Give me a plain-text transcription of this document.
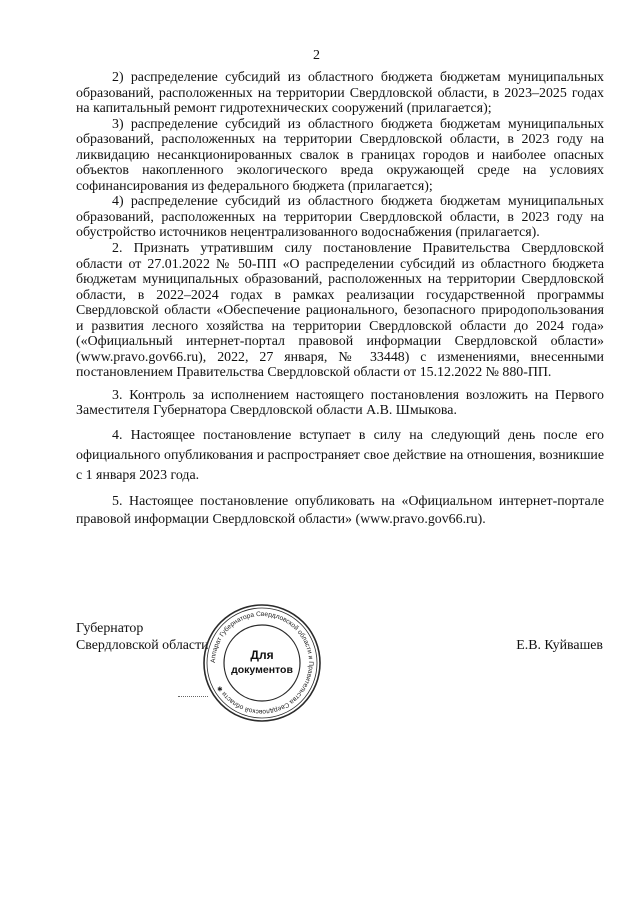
2

2) распределение субсидий из областного бюджета бюджетам муниципальных образований, расположенных на территории Свердловской области, в 2023–2025 годах на капитальный ремонт гидротехнических сооружений (прилагается);

3) распределение субсидий из областного бюджета бюджетам муниципальных образований, расположенных на территории Свердловской области, в 2023 году на ликвидацию несанкционированных свалок в границах городов и наиболее опасных объектов накопленного экологического вреда окружающей среде на условиях софинансирования из федерального бюджета (прилагается);

4) распределение субсидий из областного бюджета бюджетам муниципальных образований, расположенных на территории Свердловской области, в 2023 году на обустройство источников нецентрализованного водоснабжения (прилагается).

2. Признать утратившим силу постановление Правительства Свердловской области от 27.01.2022 № 50-ПП «О распределении субсидий из областного бюджета бюджетам муниципальных образований, расположенных на территории Свердловской области, в 2022–2024 годах в рамках реализации государственной программы Свердловской области «Обеспечение рационального, безопасного природопользования и развития лесного хозяйства на территории Свердловской области до 2024 года» («Официальный интернет-портал правовой информации Свердловской области» (www.pravo.gov66.ru), 2022, 27 января, № 33448) с изменениями, внесенными постановлением Правительства Свердловской области от 15.12.2022 № 880-ПП.

3. Контроль за исполнением настоящего постановления возложить на Первого Заместителя Губернатора Свердловской области А.В. Шмыкова.

4. Настоящее постановление вступает в силу на следующий день после его официального опубликования и распространяет свое действие на отношения, возникшие с 1 января 2023 года.

5. Настоящее постановление опубликовать на «Официальном интернет-портале правовой информации Свердловской области» (www.pravo.gov66.ru).

Губернатор
Свердловской области
Аппарат Губернатора Свердловской области и Правительства Свердловской области ✱
Для
документов
Е.В. Куйвашев
